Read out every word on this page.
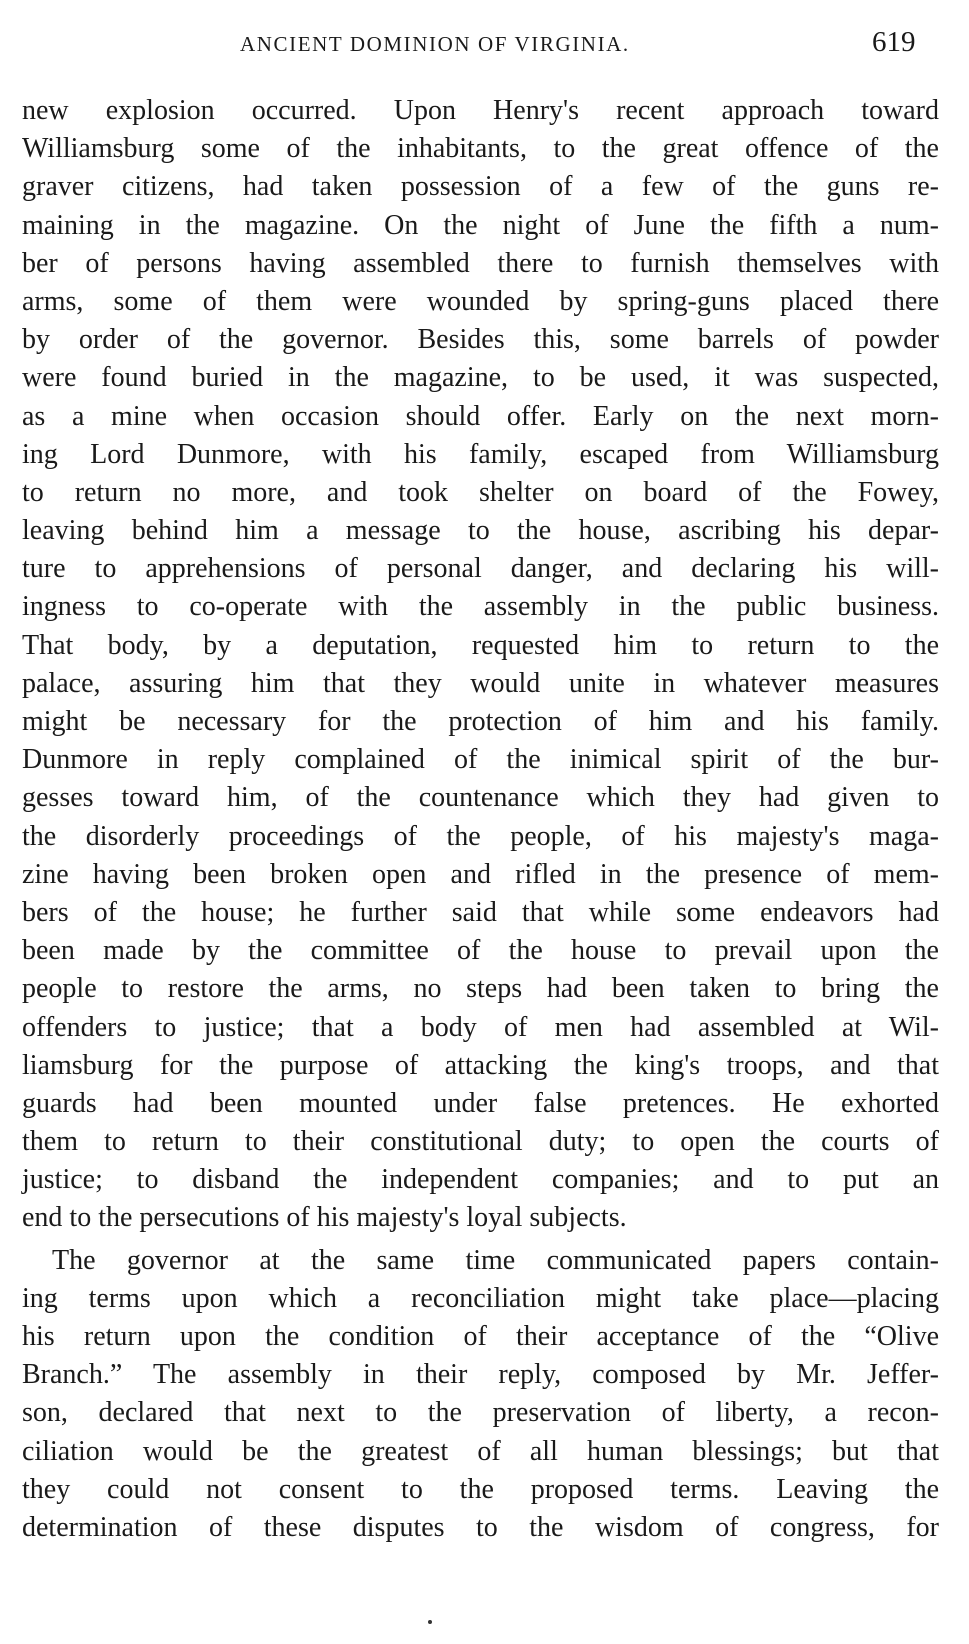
ANCIENT DOMINION OF VIRGINIA.	619
new explosion occurred. Upon Henry's recent approach toward
Williamsburg some of the inhabitants, to the great offence of the
graver citizens, had taken possession of a few of the guns re-
maining in the magazine. On the night of June the fifth a num-
ber of persons having assembled there to furnish themselves with
arms, some of them were wounded by spring-guns placed there
by order of the governor. Besides this, some barrels of powder
were found buried in the magazine, to be used, it was suspected,
as a mine when occasion should offer. Early on the next morn-
ing Lord Dunmore, with his family, escaped from Williamsburg
to return no more, and took shelter on board of the Fowey,
leaving behind him a message to the house, ascribing his depar-
ture to apprehensions of personal danger, and declaring his will-
ingness to co-operate with the assembly in the public business.
That body, by a deputation, requested him to return to the
palace, assuring him that they would unite in whatever measures
might be necessary for the protection of him and his family.
Dunmore in reply complained of the inimical spirit of the bur-
gesses toward him, of the countenance which they had given to
the disorderly proceedings of the people, of his majesty's maga-
zine having been broken open and rifled in the presence of mem-
bers of the house; he further said that while some endeavors had
been made by the committee of the house to prevail upon the
people to restore the arms, no steps had been taken to bring the
offenders to justice; that a body of men had assembled at Wil-
liamsburg for the purpose of attacking the king's troops, and that
guards had been mounted under false pretences. He exhorted
them to return to their constitutional duty; to open the courts of
justice; to disband the independent companies; and to put an
end to the persecutions of his majesty's loyal subjects.
The governor at the same time communicated papers contain-
ing terms upon which a reconciliation might take place—placing
his return upon the condition of their acceptance of the “Olive
Branch.” The assembly in their reply, composed by Mr. Jeffer-
son, declared that next to the preservation of liberty, a recon-
ciliation would be the greatest of all human blessings; but that
they could not consent to the proposed terms. Leaving the
determination of these disputes to the wisdom of congress, for
